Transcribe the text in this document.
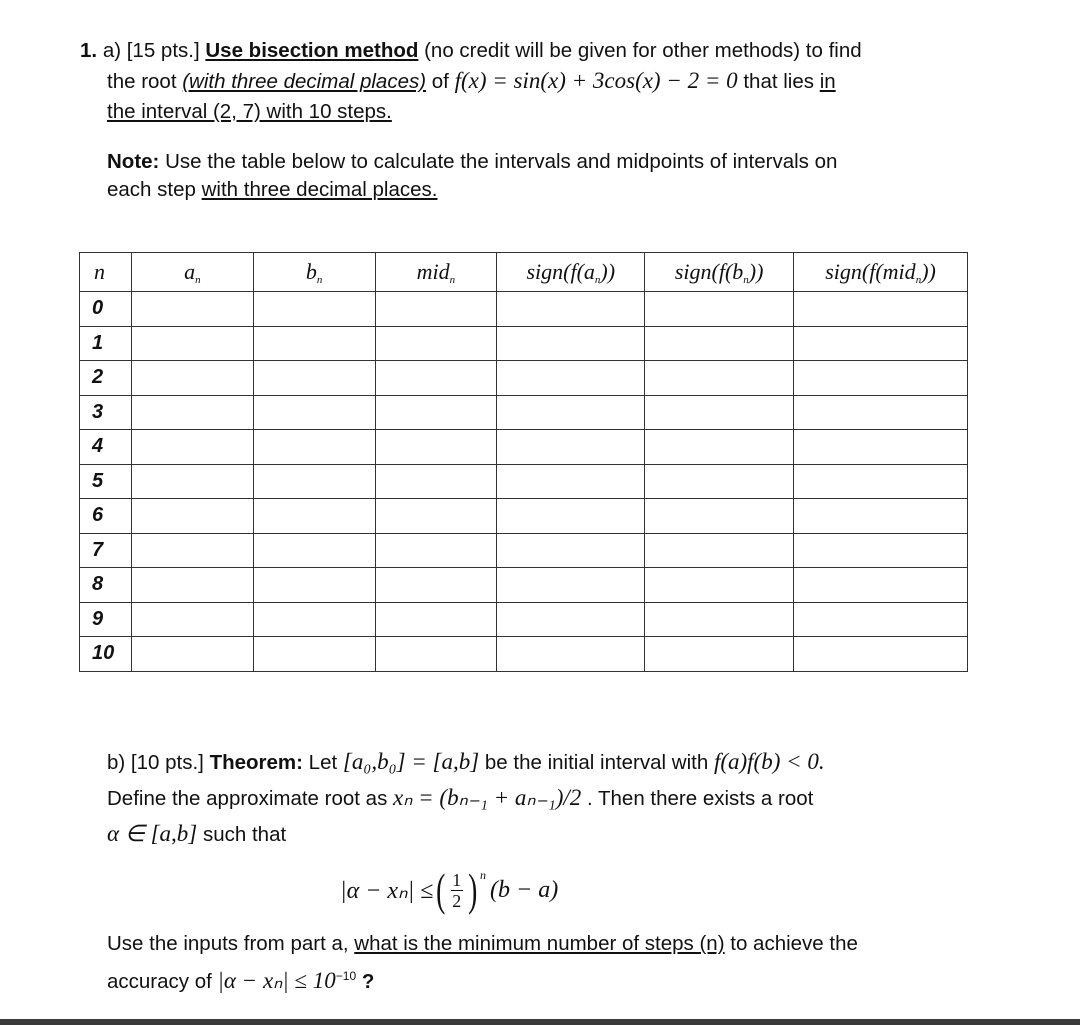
1. a) [15 pts.] Use bisection method (no credit will be given for other methods) to find
the root (with three decimal places) of f(x) = sin(x) + 3cos(x) − 2 = 0 that lies in
the interval (2, 7) with 10 steps.
Note: Use the table below to calculate the intervals and midpoints of intervals on
each step with three decimal places.
n	$a_n$	$b_n$	mid$_n$	$sign(f(a_n))$	$sign(f(b_n))$	sign(f(mid$_n$))
0						
1						
2						
3						
4						
5						
6						
7						
8						
9						
10						
b) [10 pts.] Theorem: Let [a₀,b₀] = [a,b] be the initial interval with f(a)f(b) < 0.
Define the approximate root as xₙ = (bₙ₋₁ + aₙ₋₁)/2 . Then there exists a root
α ∈ [a,b] such that
|α − xₙ| ≤ ( $\frac{1}{2}$ ) $^n$
(b − a)
Use the inputs from part a, what is the minimum number of steps (n) to achieve the
accuracy of $|\alpha - x_n| \le 10^{-10}$ ?
